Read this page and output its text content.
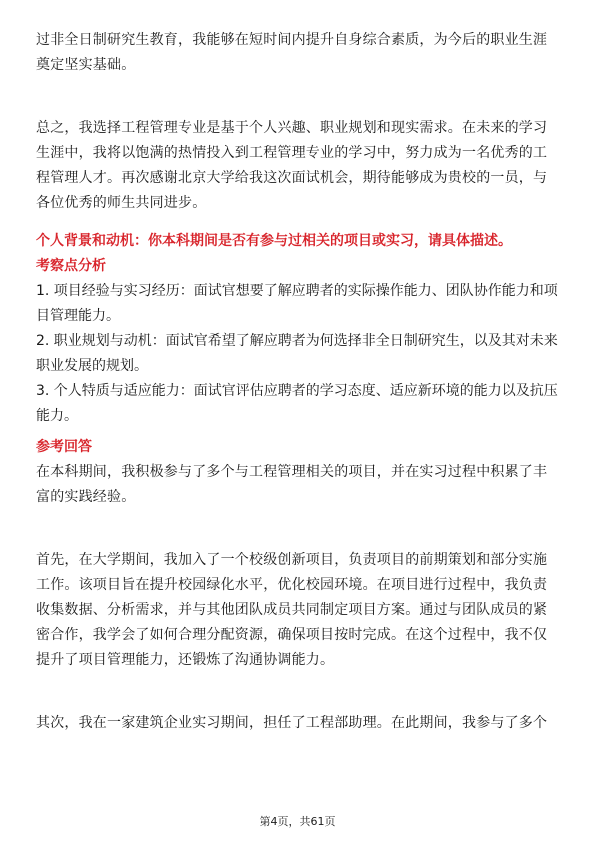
过非全日制研究生教育，我能够在短时间内提升自身综合素质，为今后的职业生涯奠定坚实基础。

总之，我选择工程管理专业是基于个人兴趣、职业规划和现实需求。在未来的学习生涯中，我将以饱满的热情投入到工程管理专业的学习中，努力成为一名优秀的工程管理人才。再次感谢北京大学给我这次面试机会，期待能够成为贵校的一员，与各位优秀的师生共同进步。

个人背景和动机：你本科期间是否有参与过相关的项目或实习，请具体描述。

考察点分析

1. 项目经验与实习经历：面试官想要了解应聘者的实际操作能力、团队协作能力和项目管理能力。

2. 职业规划与动机：面试官希望了解应聘者为何选择非全日制研究生，以及其对未来职业发展的规划。

3. 个人特质与适应能力：面试官评估应聘者的学习态度、适应新环境的能力以及抗压能力。

参考回答

在本科期间，我积极参与了多个与工程管理相关的项目，并在实习过程中积累了丰富的实践经验。

首先，在大学期间，我加入了一个校级创新项目，负责项目的前期策划和部分实施工作。该项目旨在提升校园绿化水平，优化校园环境。在项目进行过程中，我负责收集数据、分析需求，并与其他团队成员共同制定项目方案。通过与团队成员的紧密合作，我学会了如何合理分配资源，确保项目按时完成。在这个过程中，我不仅提升了项目管理能力，还锻炼了沟通协调能力。

其次，我在一家建筑企业实习期间，担任了工程部助理。在此期间，我参与了多个

第4页，共61页
